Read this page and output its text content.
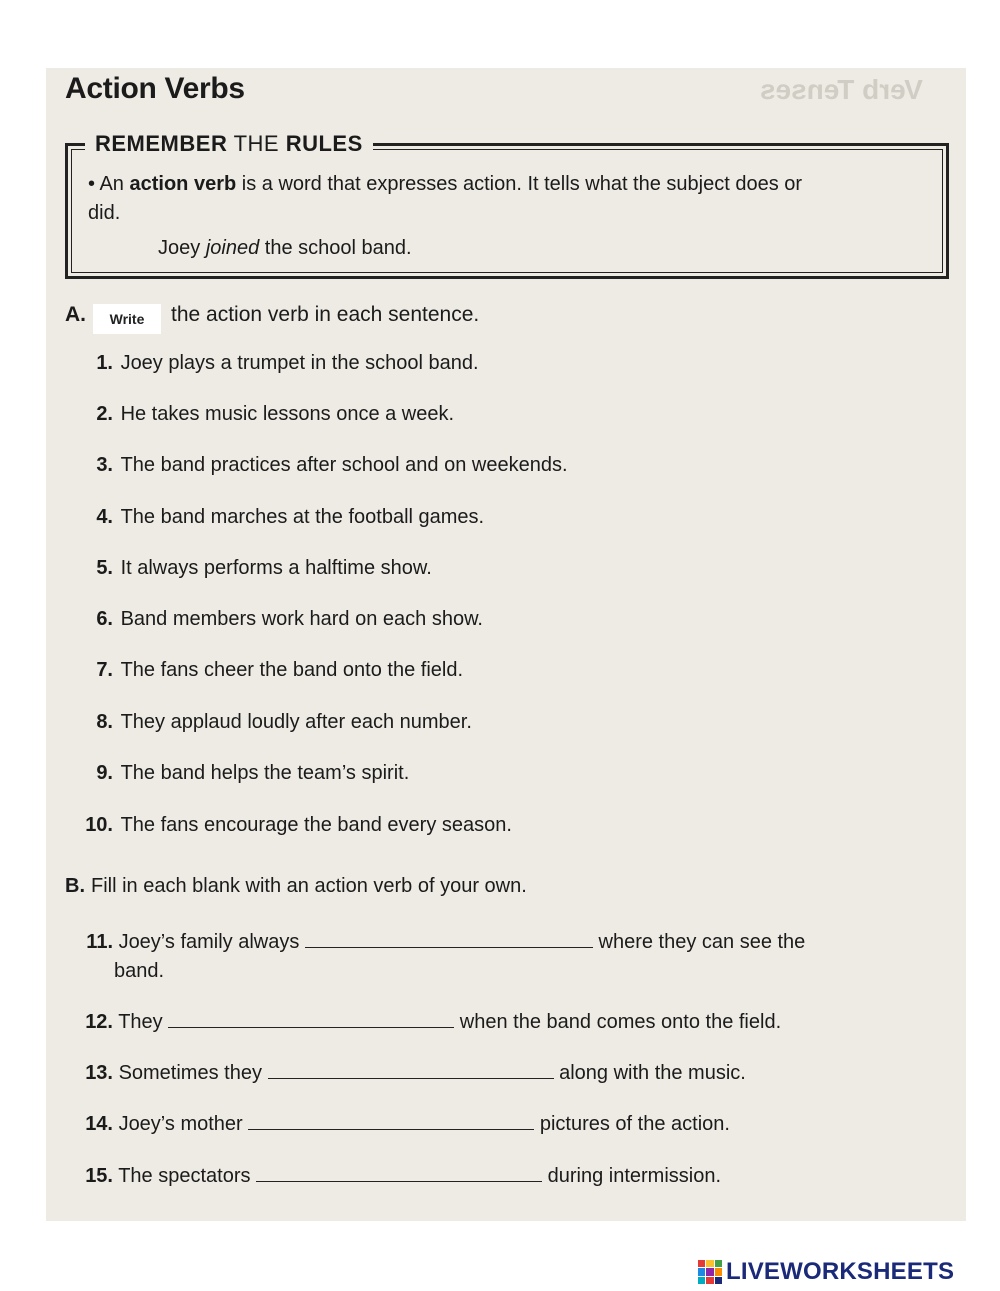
Verb Tenses
Action Verbs
REMEMBER THE RULES
• An action verb is a word that expresses action. It tells what the subject does or did.
Joey joined the school band.
A.	Write	the action verb in each sentence.
1. Joey plays a trumpet in the school band.
2. He takes music lessons once a week.
3. The band practices after school and on weekends.
4. The band marches at the football games.
5. It always performs a halftime show.
6. Band members work hard on each show.
7. The fans cheer the band onto the field.
8. They applaud loudly after each number.
9. The band helps the team’s spirit.
10. The fans encourage the band every season.
B. Fill in each blank with an action verb of your own.
11. Joey’s family always	where they can see the
band.
12. They	when the band comes onto the field.
13. Sometimes they	along with the music.
14. Joey’s mother	pictures of the action.
15. The spectators	during intermission.
LIVEWORKSHEETS
